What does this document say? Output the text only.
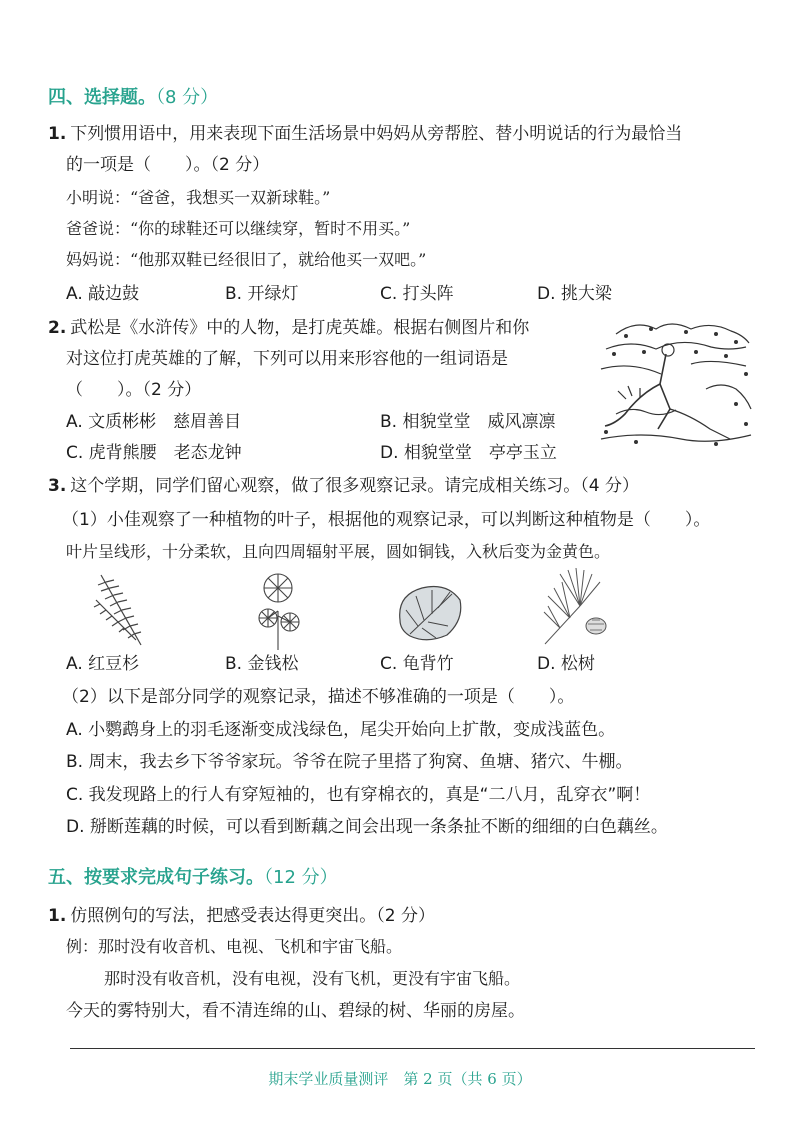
四、选择题。（8 分）
1. 下列惯用语中，用来表现下面生活场景中妈妈从旁帮腔、替小明说话的行为最恰当
的一项是（　　）。（2 分）
小明说：“爸爸，我想买一双新球鞋。”
爸爸说：“你的球鞋还可以继续穿，暂时不用买。”
妈妈说：“他那双鞋已经很旧了，就给他买一双吧。”
A. 敲边鼓	B. 开绿灯	C. 打头阵	D. 挑大梁
2. 武松是《水浒传》中的人物，是打虎英雄。根据右侧图片和你
对这位打虎英雄的了解，下列可以用来形容他的一组词语是
（　　）。（2 分）
A. 文质彬彬　慈眉善目	B. 相貌堂堂　威风凛凛
C. 虎背熊腰　老态龙钟	D. 相貌堂堂　亭亭玉立
3. 这个学期，同学们留心观察，做了很多观察记录。请完成相关练习。（4 分）
（1）小佳观察了一种植物的叶子，根据他的观察记录，可以判断这种植物是（　　）。
叶片呈线形，十分柔软，且向四周辐射平展，圆如铜钱，入秋后变为金黄色。
A. 红豆杉	B. 金钱松	C. 龟背竹	D. 松树
（2）以下是部分同学的观察记录，描述不够准确的一项是（　　）。
A. 小鹦鹉身上的羽毛逐渐变成浅绿色，尾尖开始向上扩散，变成浅蓝色。
B. 周末，我去乡下爷爷家玩。爷爷在院子里搭了狗窝、鱼塘、猪穴、牛棚。
C. 我发现路上的行人有穿短袖的，也有穿棉衣的，真是“二八月，乱穿衣”啊！
D. 掰断莲藕的时候，可以看到断藕之间会出现一条条扯不断的细细的白色藕丝。
五、按要求完成句子练习。（12 分）
1. 仿照例句的写法，把感受表达得更突出。（2 分）
例：那时没有收音机、电视、飞机和宇宙飞船。
那时没有收音机，没有电视，没有飞机，更没有宇宙飞船。
今天的雾特别大，看不清连绵的山、碧绿的树、华丽的房屋。
期末学业质量测评　第 2 页（共 6 页）
